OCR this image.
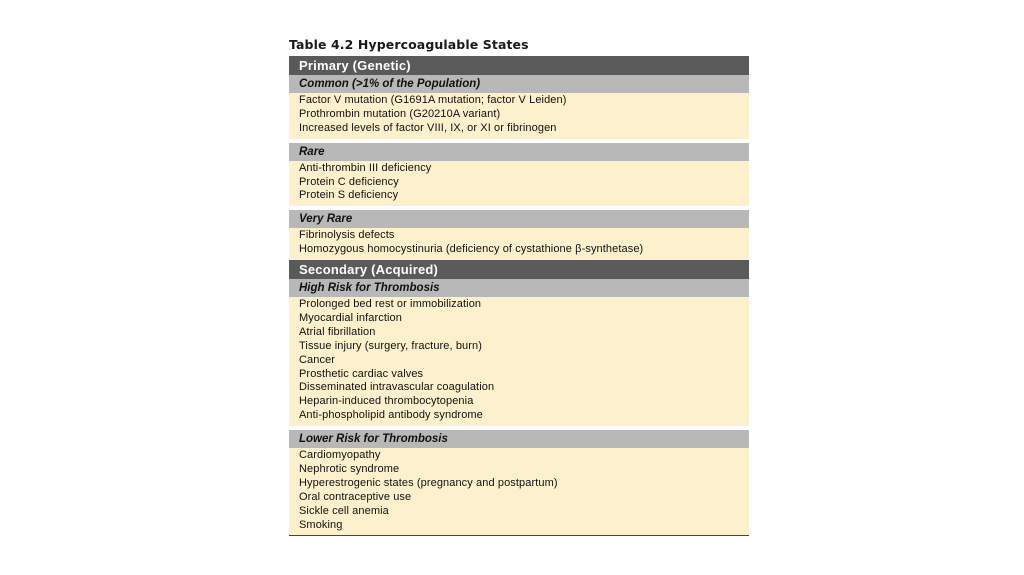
Table 4.2 Hypercoagulable States
Primary (Genetic)
Common (>1% of the Population)
Factor V mutation (G1691A mutation; factor V Leiden)
Prothrombin mutation (G20210A variant)
Increased levels of factor VIII, IX, or XI or fibrinogen
Rare
Anti-thrombin III deficiency
Protein C deficiency
Protein S deficiency
Very Rare
Fibrinolysis defects
Homozygous homocystinuria (deficiency of cystathione β-synthetase)
Secondary (Acquired)
High Risk for Thrombosis
Prolonged bed rest or immobilization
Myocardial infarction
Atrial fibrillation
Tissue injury (surgery, fracture, burn)
Cancer
Prosthetic cardiac valves
Disseminated intravascular coagulation
Heparin-induced thrombocytopenia
Anti-phospholipid antibody syndrome
Lower Risk for Thrombosis
Cardiomyopathy
Nephrotic syndrome
Hyperestrogenic states (pregnancy and postpartum)
Oral contraceptive use
Sickle cell anemia
Smoking
